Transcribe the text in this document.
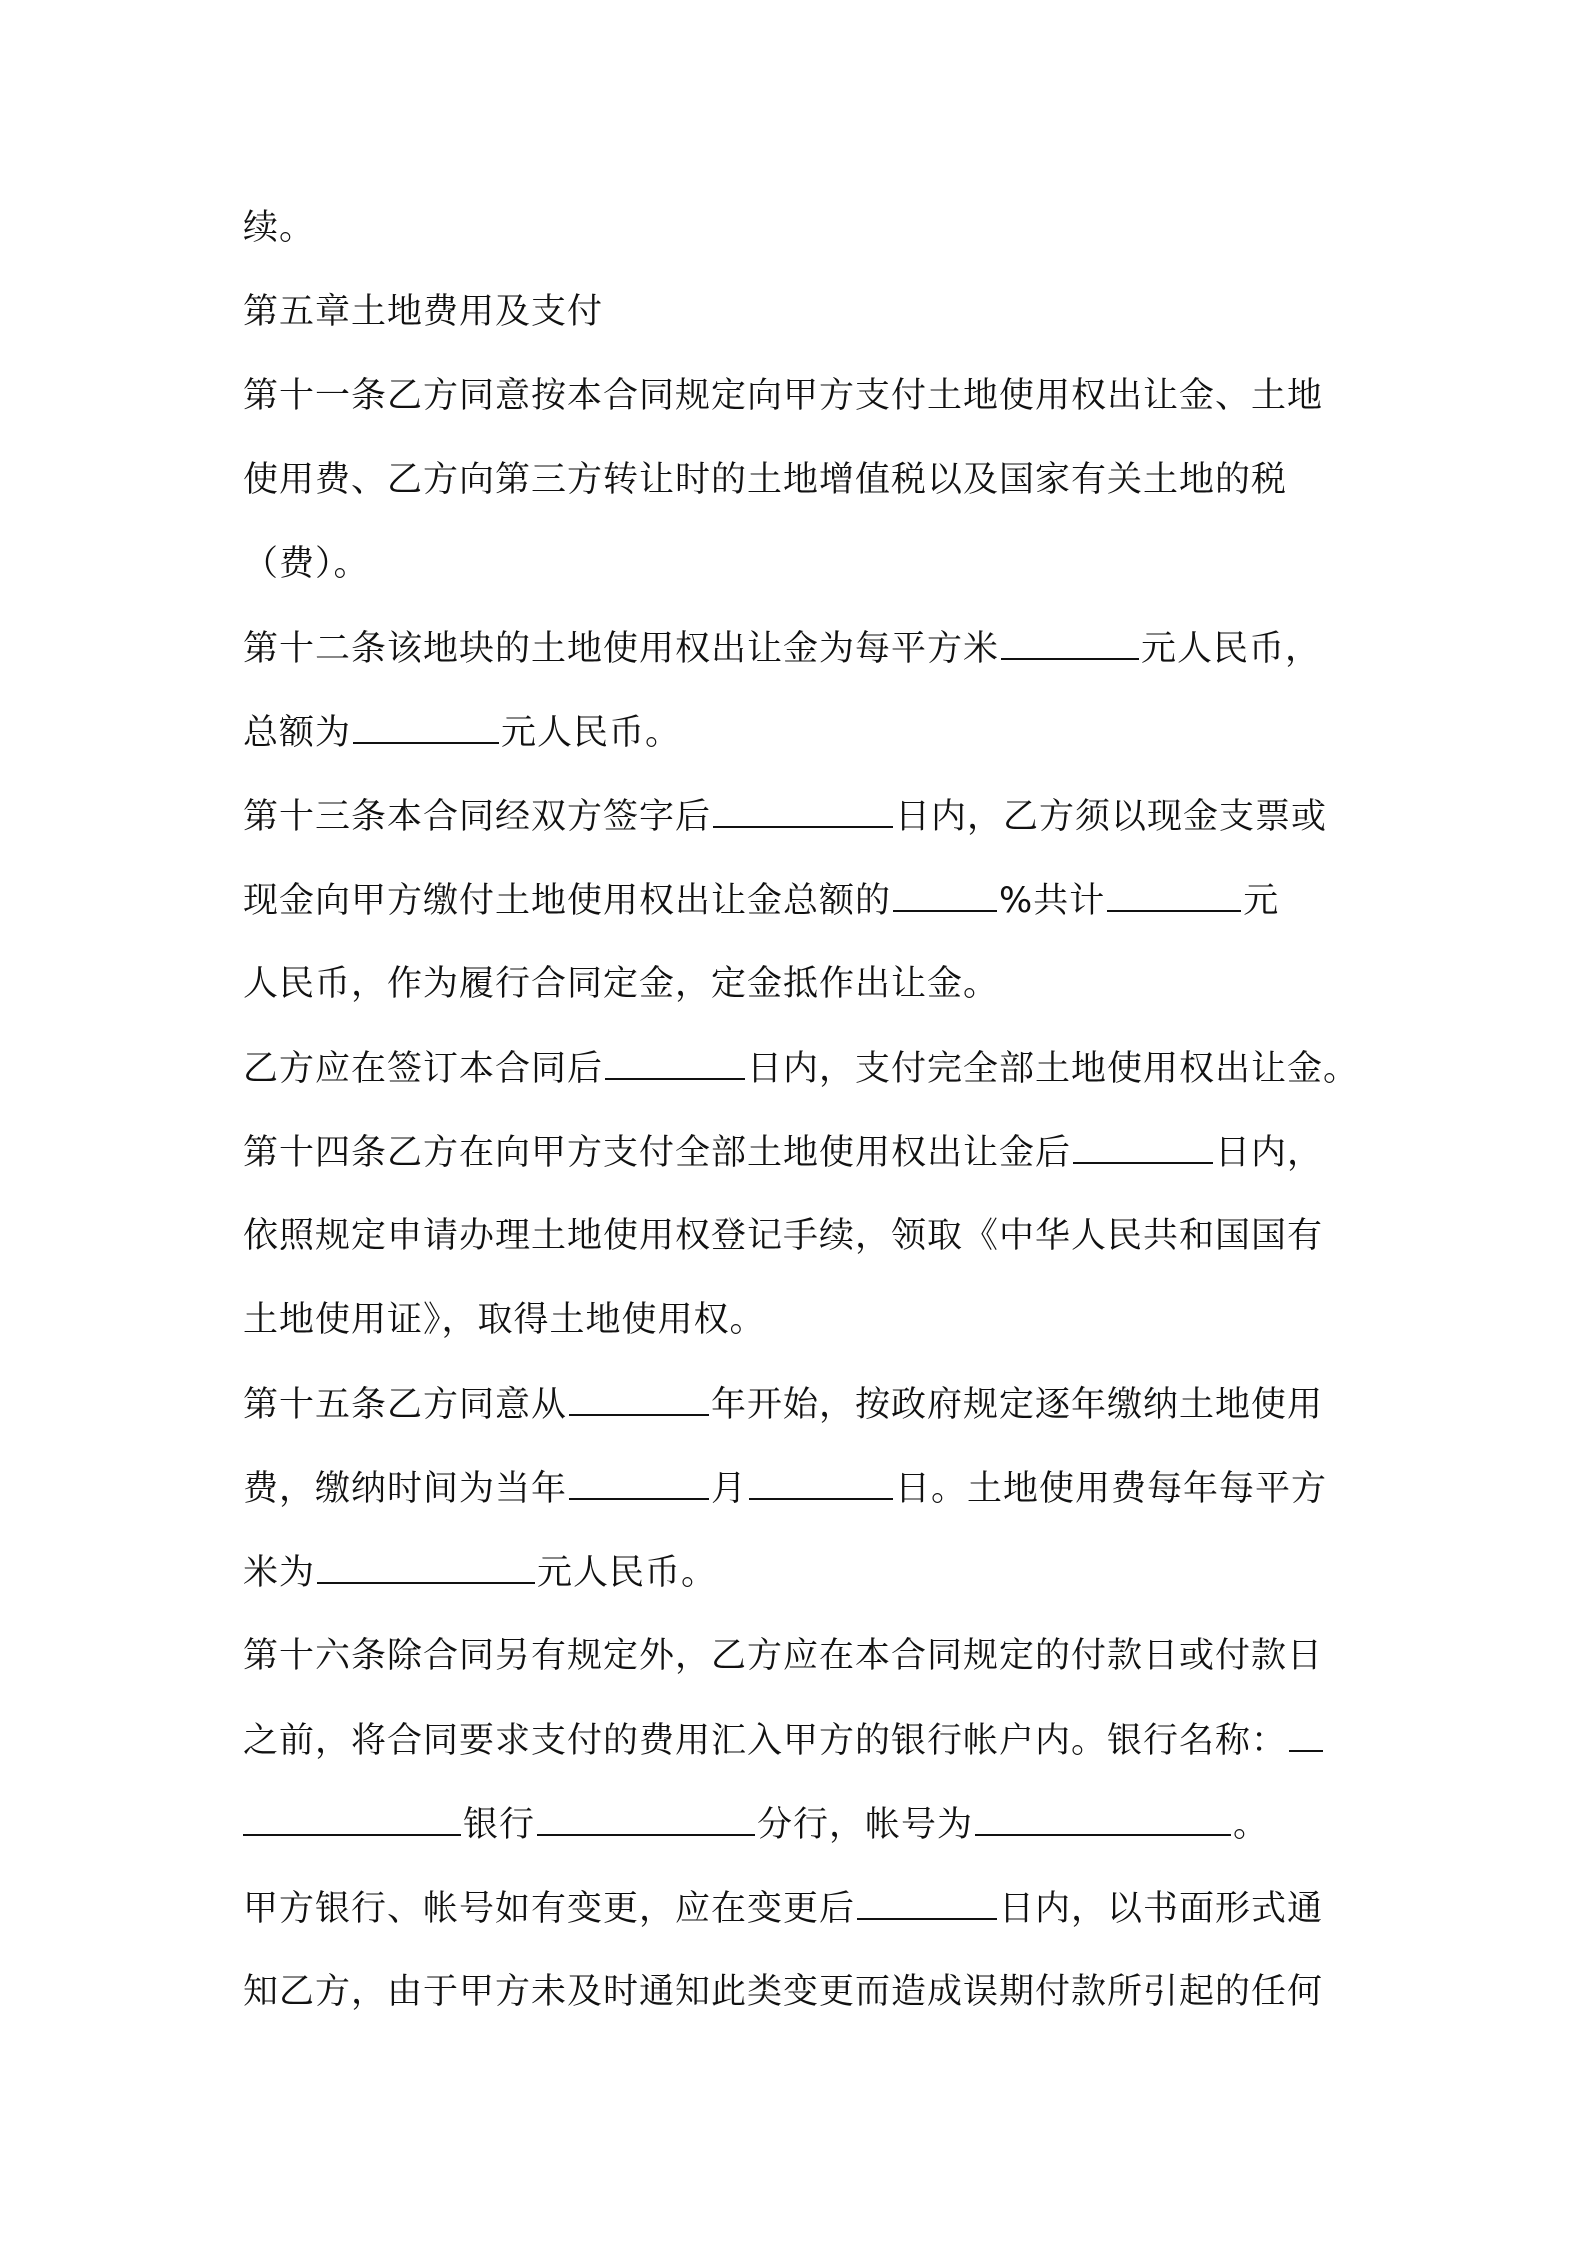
续。
第五章土地费用及支付
第十一条乙方同意按本合同规定向甲方支付土地使用权出让金、土地
使用费、乙方向第三方转让时的土地增值税以及国家有关土地的税
（费）。
第十二条该地块的土地使用权出让金为每平方米	元人民币，
总额为	元人民币。
第十三条本合同经双方签字后	日内，乙方须以现金支票或
现金向甲方缴付土地使用权出让金总额的	%共计	元
人民币，作为履行合同定金，定金抵作出让金。
乙方应在签订本合同后	日内，支付完全部土地使用权出让金。
第十四条乙方在向甲方支付全部土地使用权出让金后	日内，
依照规定申请办理土地使用权登记手续，领取《中华人民共和国国有
土地使用证》，取得土地使用权。
第十五条乙方同意从	年开始，按政府规定逐年缴纳土地使用
费，缴纳时间为当年	月	日。土地使用费每年每平方
米为	元人民币。
第十六条除合同另有规定外，乙方应在本合同规定的付款日或付款日
之前，将合同要求支付的费用汇入甲方的银行帐户内。银行名称：
银行	分行，帐号为	。
甲方银行、帐号如有变更，应在变更后	日内，以书面形式通
知乙方，由于甲方未及时通知此类变更而造成误期付款所引起的任何
